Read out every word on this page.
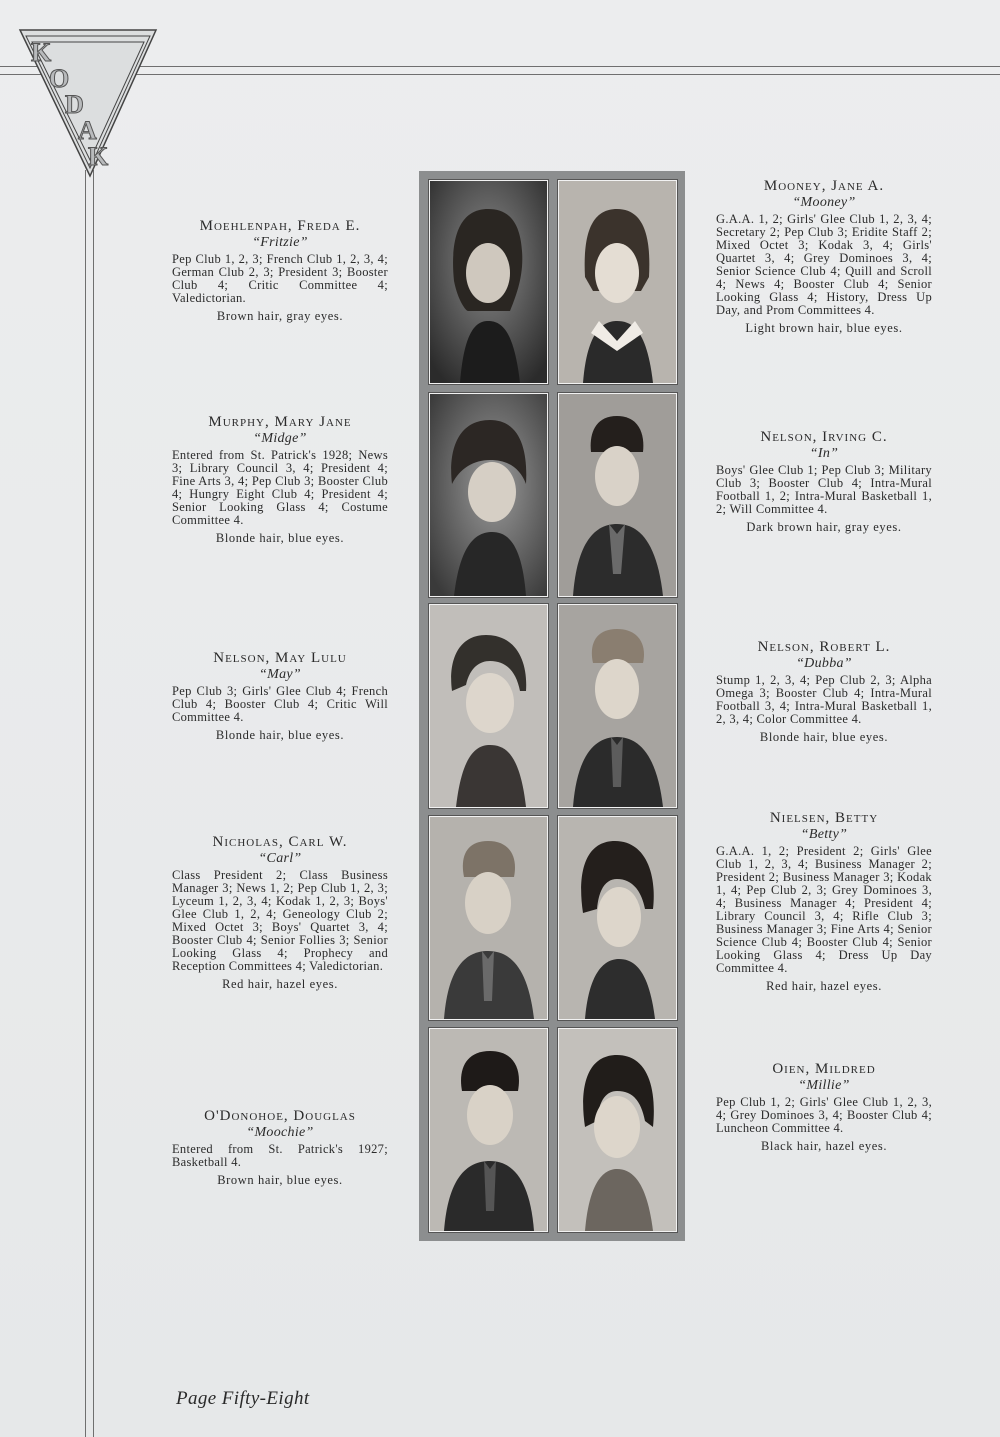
K
O
D
A
K
Moehlenpah, Freda E.
“Fritzie”
Pep Club 1, 2, 3; French Club 1, 2, 3, 4; German Club 2, 3; President 3; Booster Club 4; Critic Committee 4; Valedictorian.
Brown hair, gray eyes.
Murphy, Mary Jane
“Midge”
Entered from St. Patrick's 1928; News 3; Library Council 3, 4; President 4; Fine Arts 3, 4; Pep Club 3; Booster Club 4; Hungry Eight Club 4; President 4; Senior Looking Glass 4; Costume Committee 4.
Blonde hair, blue eyes.
Nelson, May Lulu
“May”
Pep Club 3; Girls' Glee Club 4; French Club 4; Booster Club 4; Critic Will Committee 4.
Blonde hair, blue eyes.
Nicholas, Carl W.
“Carl”
Class President 2; Class Business Manager 3; News 1, 2; Pep Club 1, 2, 3; Lyceum 1, 2, 3, 4; Kodak 1, 2, 3; Boys' Glee Club 1, 2, 4; Geneology Club 2; Mixed Octet 3; Boys' Quartet 3, 4; Booster Club 4; Senior Follies 3; Senior Looking Glass 4; Prophecy and Reception Committees 4; Valedictorian.
Red hair, hazel eyes.
O'Donohoe, Douglas
“Moochie”
Entered from St. Patrick's 1927; Basketball 4.
Brown hair, blue eyes.
Mooney, Jane A.
“Mooney”
G.A.A. 1, 2; Girls' Glee Club 1, 2, 3, 4; Secretary 2; Pep Club 3; Eridite Staff 2; Mixed Octet 3; Kodak 3, 4; Girls' Quartet 3, 4; Grey Dominoes 3, 4; Senior Science Club 4; Quill and Scroll 4; News 4; Booster Club 4; Senior Looking Glass 4; History, Dress Up Day, and Prom Committees 4.
Light brown hair, blue eyes.
Nelson, Irving C.
“In”
Boys' Glee Club 1; Pep Club 3; Military Club 3; Booster Club 4; Intra-Mural Football 1, 2; Intra-Mural Basketball 1, 2; Will Committee 4.
Dark brown hair, gray eyes.
Nelson, Robert L.
“Dubba”
Stump 1, 2, 3, 4; Pep Club 2, 3; Alpha Omega 3; Booster Club 4; Intra-Mural Football 3, 4; Intra-Mural Basketball 1, 2, 3, 4; Color Committee 4.
Blonde hair, blue eyes.
Nielsen, Betty
“Betty”
G.A.A. 1, 2; President 2; Girls' Glee Club 1, 2, 3, 4; Business Manager 2; President 2; Business Manager 3; Kodak 1, 4; Pep Club 2, 3; Grey Dominoes 3, 4; Business Manager 4; President 4; Library Council 3, 4; Rifle Club 3; Business Manager 3; Fine Arts 4; Senior Science Club 4; Booster Club 4; Senior Looking Glass 4; Dress Up Day Committee 4.
Red hair, hazel eyes.
Oien, Mildred
“Millie”
Pep Club 1, 2; Girls' Glee Club 1, 2, 3, 4; Grey Dominoes 3, 4; Booster Club 4; Luncheon Committee 4.
Black hair, hazel eyes.
Page Fifty-Eight
